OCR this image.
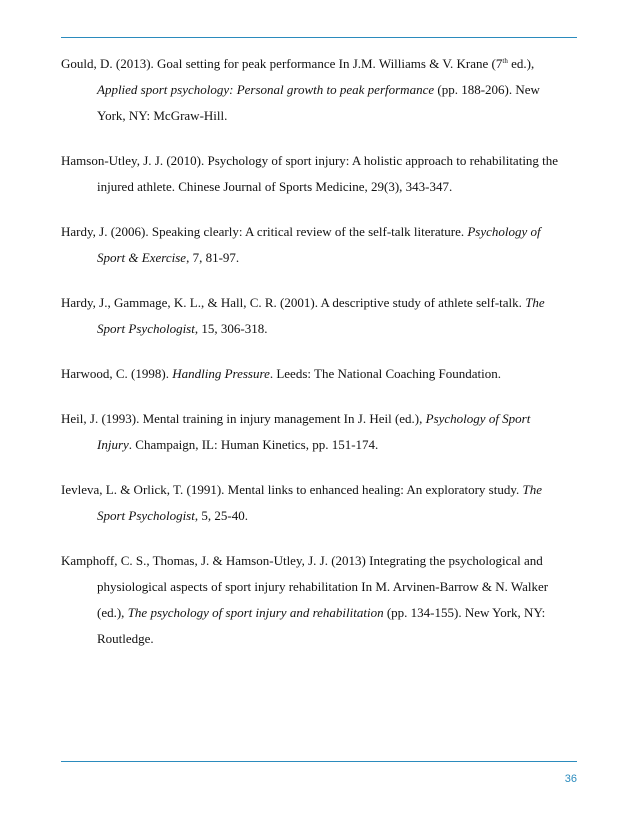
Gould, D. (2013). Goal setting for peak performance In J.M. Williams & V. Krane (7th ed.),
Applied sport psychology: Personal growth to peak performance (pp. 188-206). New
York, NY: McGraw-Hill.
Hamson-Utley, J. J. (2010). Psychology of sport injury: A holistic approach to rehabilitating the
injured athlete. Chinese Journal of Sports Medicine, 29(3), 343-347.
Hardy, J. (2006). Speaking clearly: A critical review of the self-talk literature. Psychology of
Sport & Exercise, 7, 81-97.
Hardy, J., Gammage, K. L., & Hall, C. R. (2001). A descriptive study of athlete self-talk. The
Sport Psychologist, 15, 306-318.
Harwood, C. (1998). Handling Pressure. Leeds: The National Coaching Foundation.
Heil, J. (1993). Mental training in injury management In J. Heil (ed.), Psychology of Sport
Injury. Champaign, IL: Human Kinetics, pp. 151-174.
Ievleva, L. & Orlick, T. (1991). Mental links to enhanced healing: An exploratory study. The
Sport Psychologist, 5, 25-40.
Kamphoff, C. S., Thomas, J. & Hamson-Utley, J. J. (2013) Integrating the psychological and
physiological aspects of sport injury rehabilitation In M. Arvinen-Barrow & N. Walker
(ed.), The psychology of sport injury and rehabilitation (pp. 134-155). New York, NY:
Routledge.
36
